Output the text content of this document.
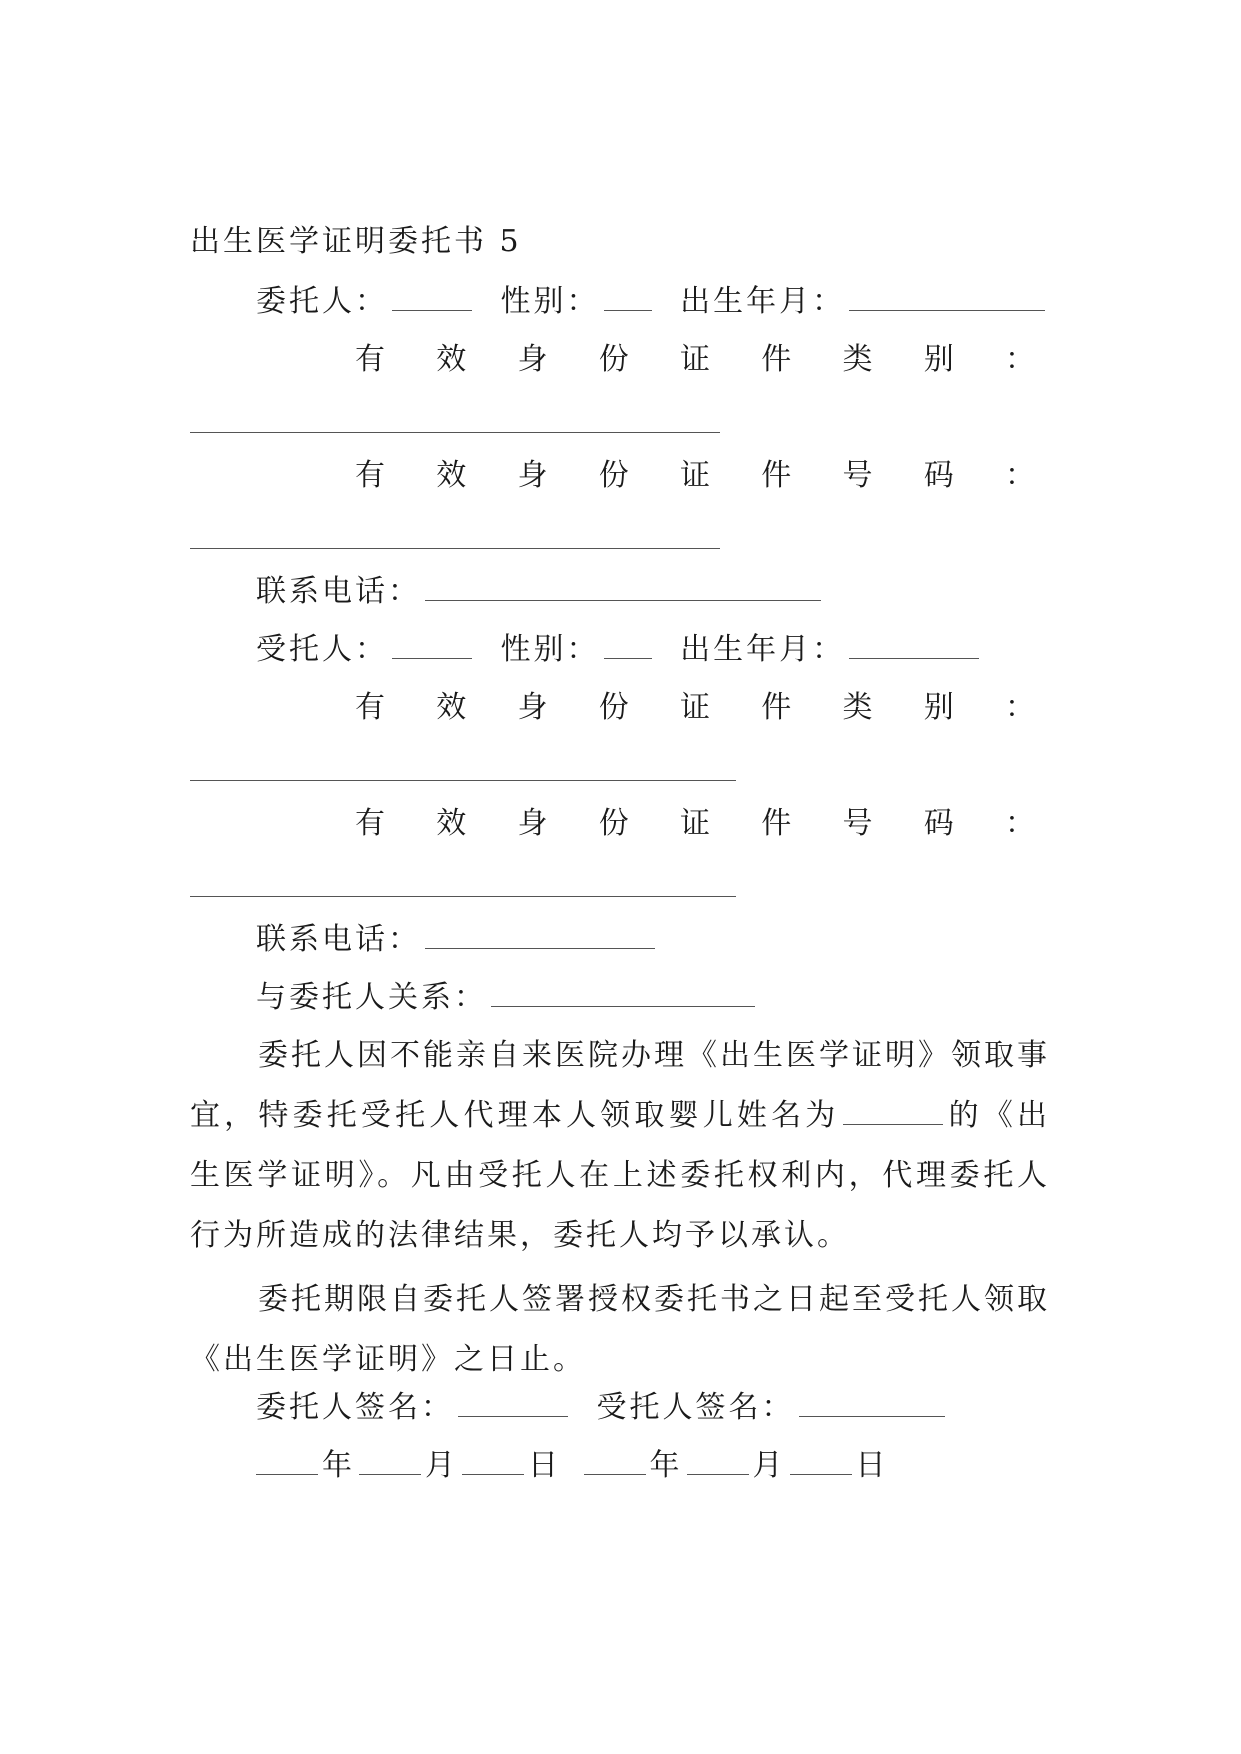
出生医学证明委托书 5
委托人：	性别：	出生年月：
有 效 身 份 证 件 类 别 ：
有 效 身 份 证 件 号 码 ：
联系电话：
受托人：	性别：	出生年月：
有 效 身 份 证 件 类 别 ：
有 效 身 份 证 件 号 码 ：
联系电话：
与委托人关系：
委托人因不能亲自来医院办理《出生医学证明》领取事宜，特委托受托人代理本人领取婴儿姓名为	的《出生医学证明》。凡由受托人在上述委托权利内，代理委托人行为所造成的法律结果，委托人均予以承认。
委托期限自委托人签署授权委托书之日起至受托人领取《出生医学证明》之日止。
委托人签名：	受托人签名：
年 月 日	年 月 日
